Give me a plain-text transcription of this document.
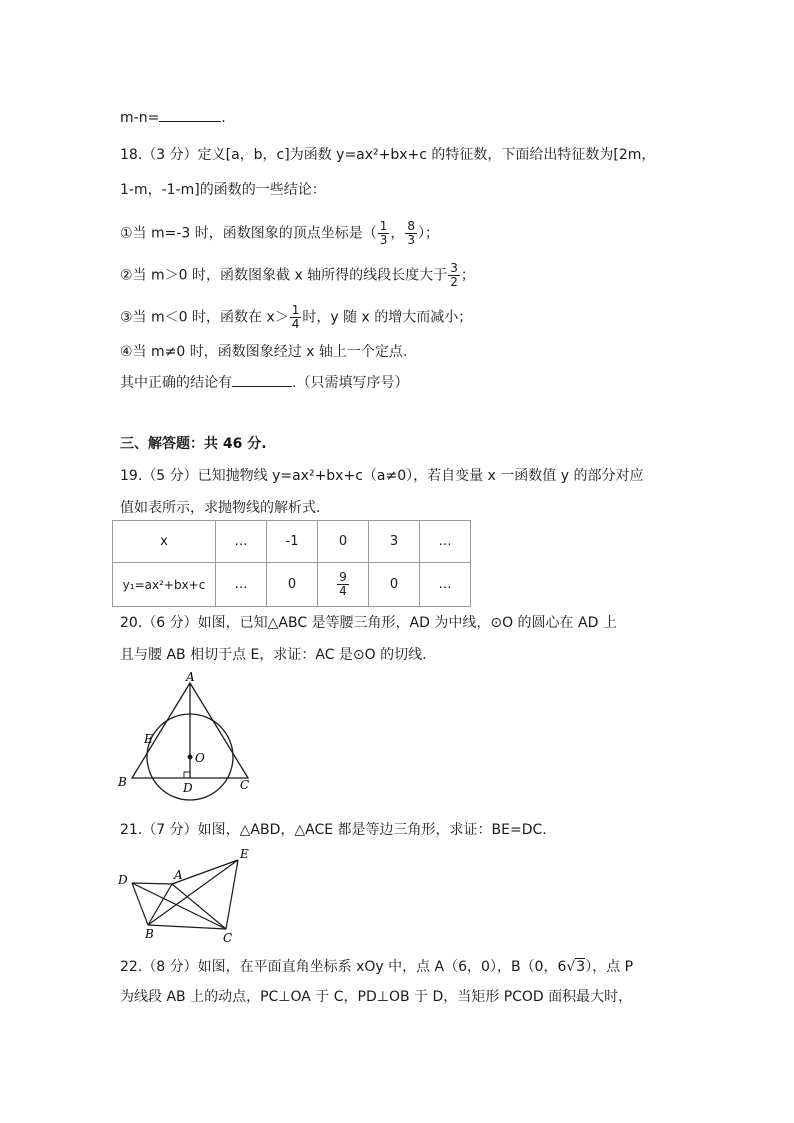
m-n=	.
18.（3 分）定义[a，b，c]为函数 y=ax²+bx+c 的特征数，下面给出特征数为[2m，
1-m，-1-m]的函数的一些结论：
①当 m=-3 时，函数图象的顶点坐标是（ $\frac{1}{3}$ ， $\frac{8}{3}$ ）；
②当 m＞0 时，函数图象截 x 轴所得的线段长度大于 $\frac{3}{2}$ ；
③当 m＜0 时，函数在 $x> \frac{1}{4}$ 时，y 随 x 的增大而减小；
④当 m≠0 时，函数图象经过 x 轴上一个定点.
其中正确的结论有	.（只需填写序号）
三、解答题：共 46 分.
19.（5 分）已知抛物线 y=ax²+bx+c（a≠0），若自变量 x 一函数值 y 的部分对应
值如表所示，求抛物线的解析式.
x	…	-1	0	3	…
y₁=ax²+bx+c	…	0	$\frac{9}{4}$	0	…
20.（6 分）如图，已知△ABC 是等腰三角形，AD 为中线，⊙O 的圆心在 AD 上
且与腰 AB 相切于点 E，求证：AC 是⊙O 的切线.
A
E
O
B	D	C
21.（7 分）如图，△ABD，△ACE 都是等边三角形，求证：BE=DC.
D	A
E
B	C
22.（8 分）如图，在平面直角坐标系 xOy 中，点 A（6，0），B（0，6√3），点 P
为线段 AB 上的动点，PC⊥OA 于 C，PD⊥OB 于 D，当矩形 PCOD 面积最大时，
